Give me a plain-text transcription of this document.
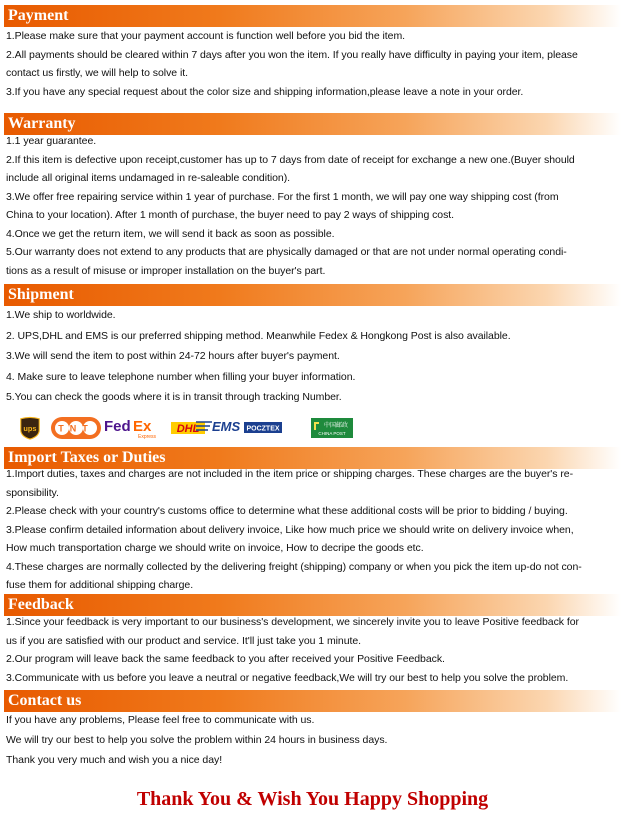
Payment
1.Please make sure that your payment account is function well before you bid the item.
2.All payments should be cleared within 7 days after you won the item. If you really have difficulty in paying your item, please
contact us firstly, we will help to solve it.
3.If you have any special request about the color size and shipping information,please leave a note in your order.
Warranty
1.1 year guarantee.
2.If this item is defective upon receipt,customer has up to 7 days from date of receipt for exchange a new one.(Buyer should
include all original items undamaged in re-saleable condition).
3.We offer free repairing service within 1 year of purchase. For the first 1 month, we will pay one way shipping cost (from
China to your location). After 1 month of purchase, the buyer need to pay 2 ways of shipping cost.
4.Once we get the return item, we will send it back as soon as possible.
5.Our warranty does not extend to any products that are physically damaged or that are not under normal operating condi-
tions as a result of misuse or improper installation on the buyer's part.
Shipment
1.We ship to worldwide.
2. UPS,DHL and EMS is our preferred shipping method. Meanwhile Fedex & Hongkong Post is also available.
3.We will send the item to post within 24-72 hours after buyer's payment.
4. Make sure to leave telephone number when filling your buyer information.
5.You can check the goods where it is in transit through tracking Number.
ups TNT Fed Ex
Express
DHL EMS POCZTEX	中国邮政
CHINA POST
Import Taxes or Duties
1.Import duties, taxes and charges are not included in the item price or shipping charges. These charges are the buyer's re-
sponsibility.
2.Please check with your country's customs office to determine what these additional costs will be prior to bidding / buying.
3.Please confirm detailed information about delivery invoice, Like how much price we should write on delivery invoice when,
How much transportation charge we should write on invoice, How to decripe the goods etc.
4.These charges are normally collected by the delivering freight (shipping) company or when you pick the item up-do not con-
fuse them for additional shipping charge.
Feedback
1.Since your feedback is very important to our business's development, we sincerely invite you to leave Positive feedback for
us if you are satisfied with our product and service. It'll just take you 1 minute.
2.Our program will leave back the same feedback to you after received your Positive Feedback.
3.Communicate with us before you leave a neutral or negative feedback,We will try our best to help you solve the problem.
Contact us
If you have any problems, Please feel free to communicate with us.
We will try our best to help you solve the problem within 24 hours in business days.
Thank you very much and wish you a nice day!
Thank You & Wish You Happy Shopping
